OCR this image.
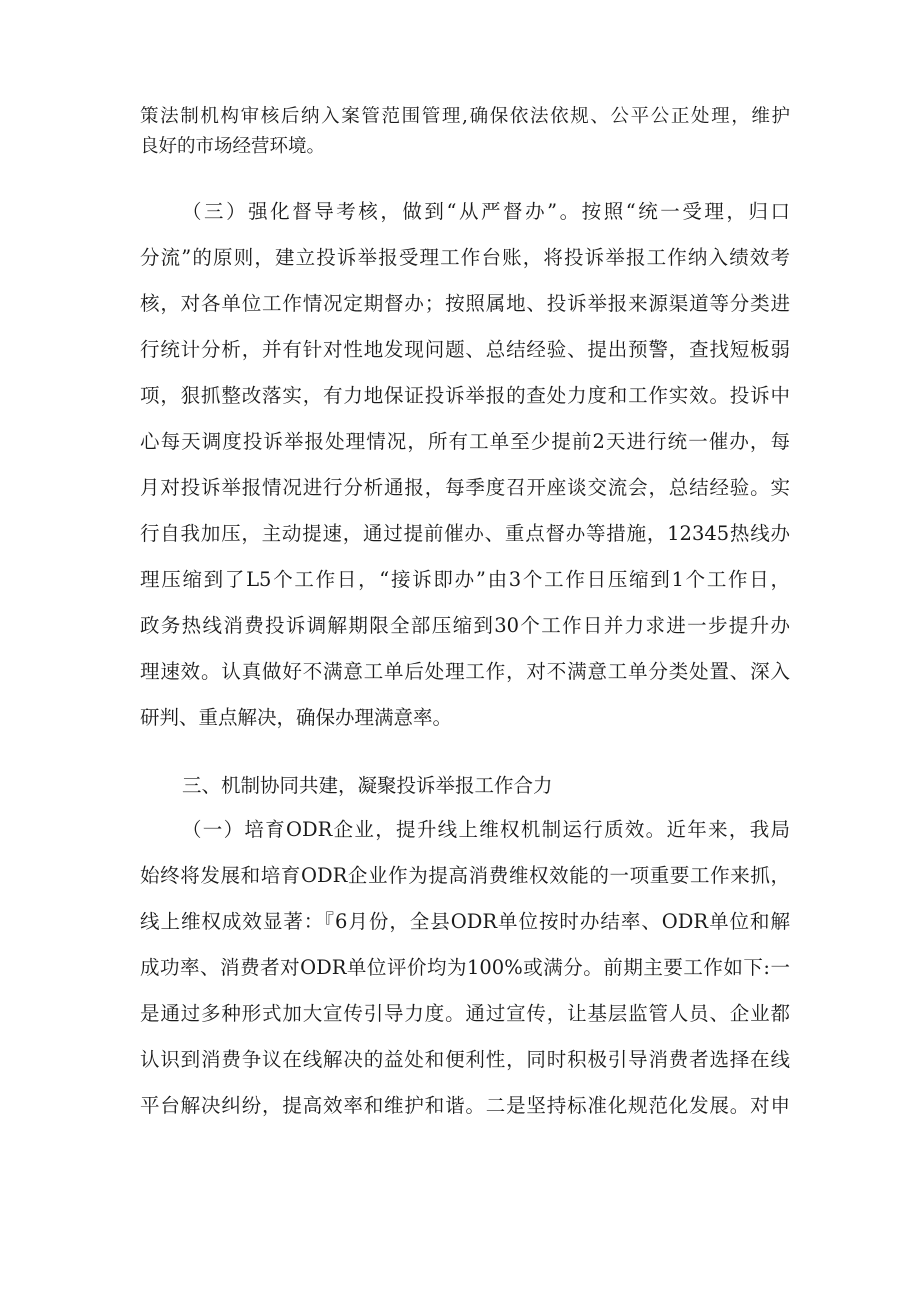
策法制机构审核后纳入案管范围管理,确保依法依规、公平公正处理，维护
良好的市场经营环境。
（三）强化督导考核，做到“从严督办”。按照“统一受理，归口
分流”的原则，建立投诉举报受理工作台账，将投诉举报工作纳入绩效考
核，对各单位工作情况定期督办；按照属地、投诉举报来源渠道等分类进
行统计分析，并有针对性地发现问题、总结经验、提出预警，查找短板弱
项，狠抓整改落实，有力地保证投诉举报的查处力度和工作实效。投诉中
心每天调度投诉举报处理情况，所有工单至少提前2天进行统一催办，每
月对投诉举报情况进行分析通报，每季度召开座谈交流会，总结经验。实
行自我加压，主动提速，通过提前催办、重点督办等措施，12345热线办
理压缩到了L5个工作日，“接诉即办”由3个工作日压缩到1个工作日，
政务热线消费投诉调解期限全部压缩到30个工作日并力求进一步提升办
理速效。认真做好不满意工单后处理工作，对不满意工单分类处置、深入
研判、重点解决，确保办理满意率。
三、机制协同共建，凝聚投诉举报工作合力
（一）培育ODR企业，提升线上维权机制运行质效。近年来，我局
始终将发展和培育ODR企业作为提高消费维权效能的一项重要工作来抓，
线上维权成效显著：『6月份，全县ODR单位按时办结率、ODR单位和解
成功率、消费者对ODR单位评价均为100%或满分。前期主要工作如下:一
是通过多种形式加大宣传引导力度。通过宣传，让基层监管人员、企业都
认识到消费争议在线解决的益处和便利性，同时积极引导消费者选择在线
平台解决纠纷，提高效率和维护和谐。二是坚持标准化规范化发展。对申
